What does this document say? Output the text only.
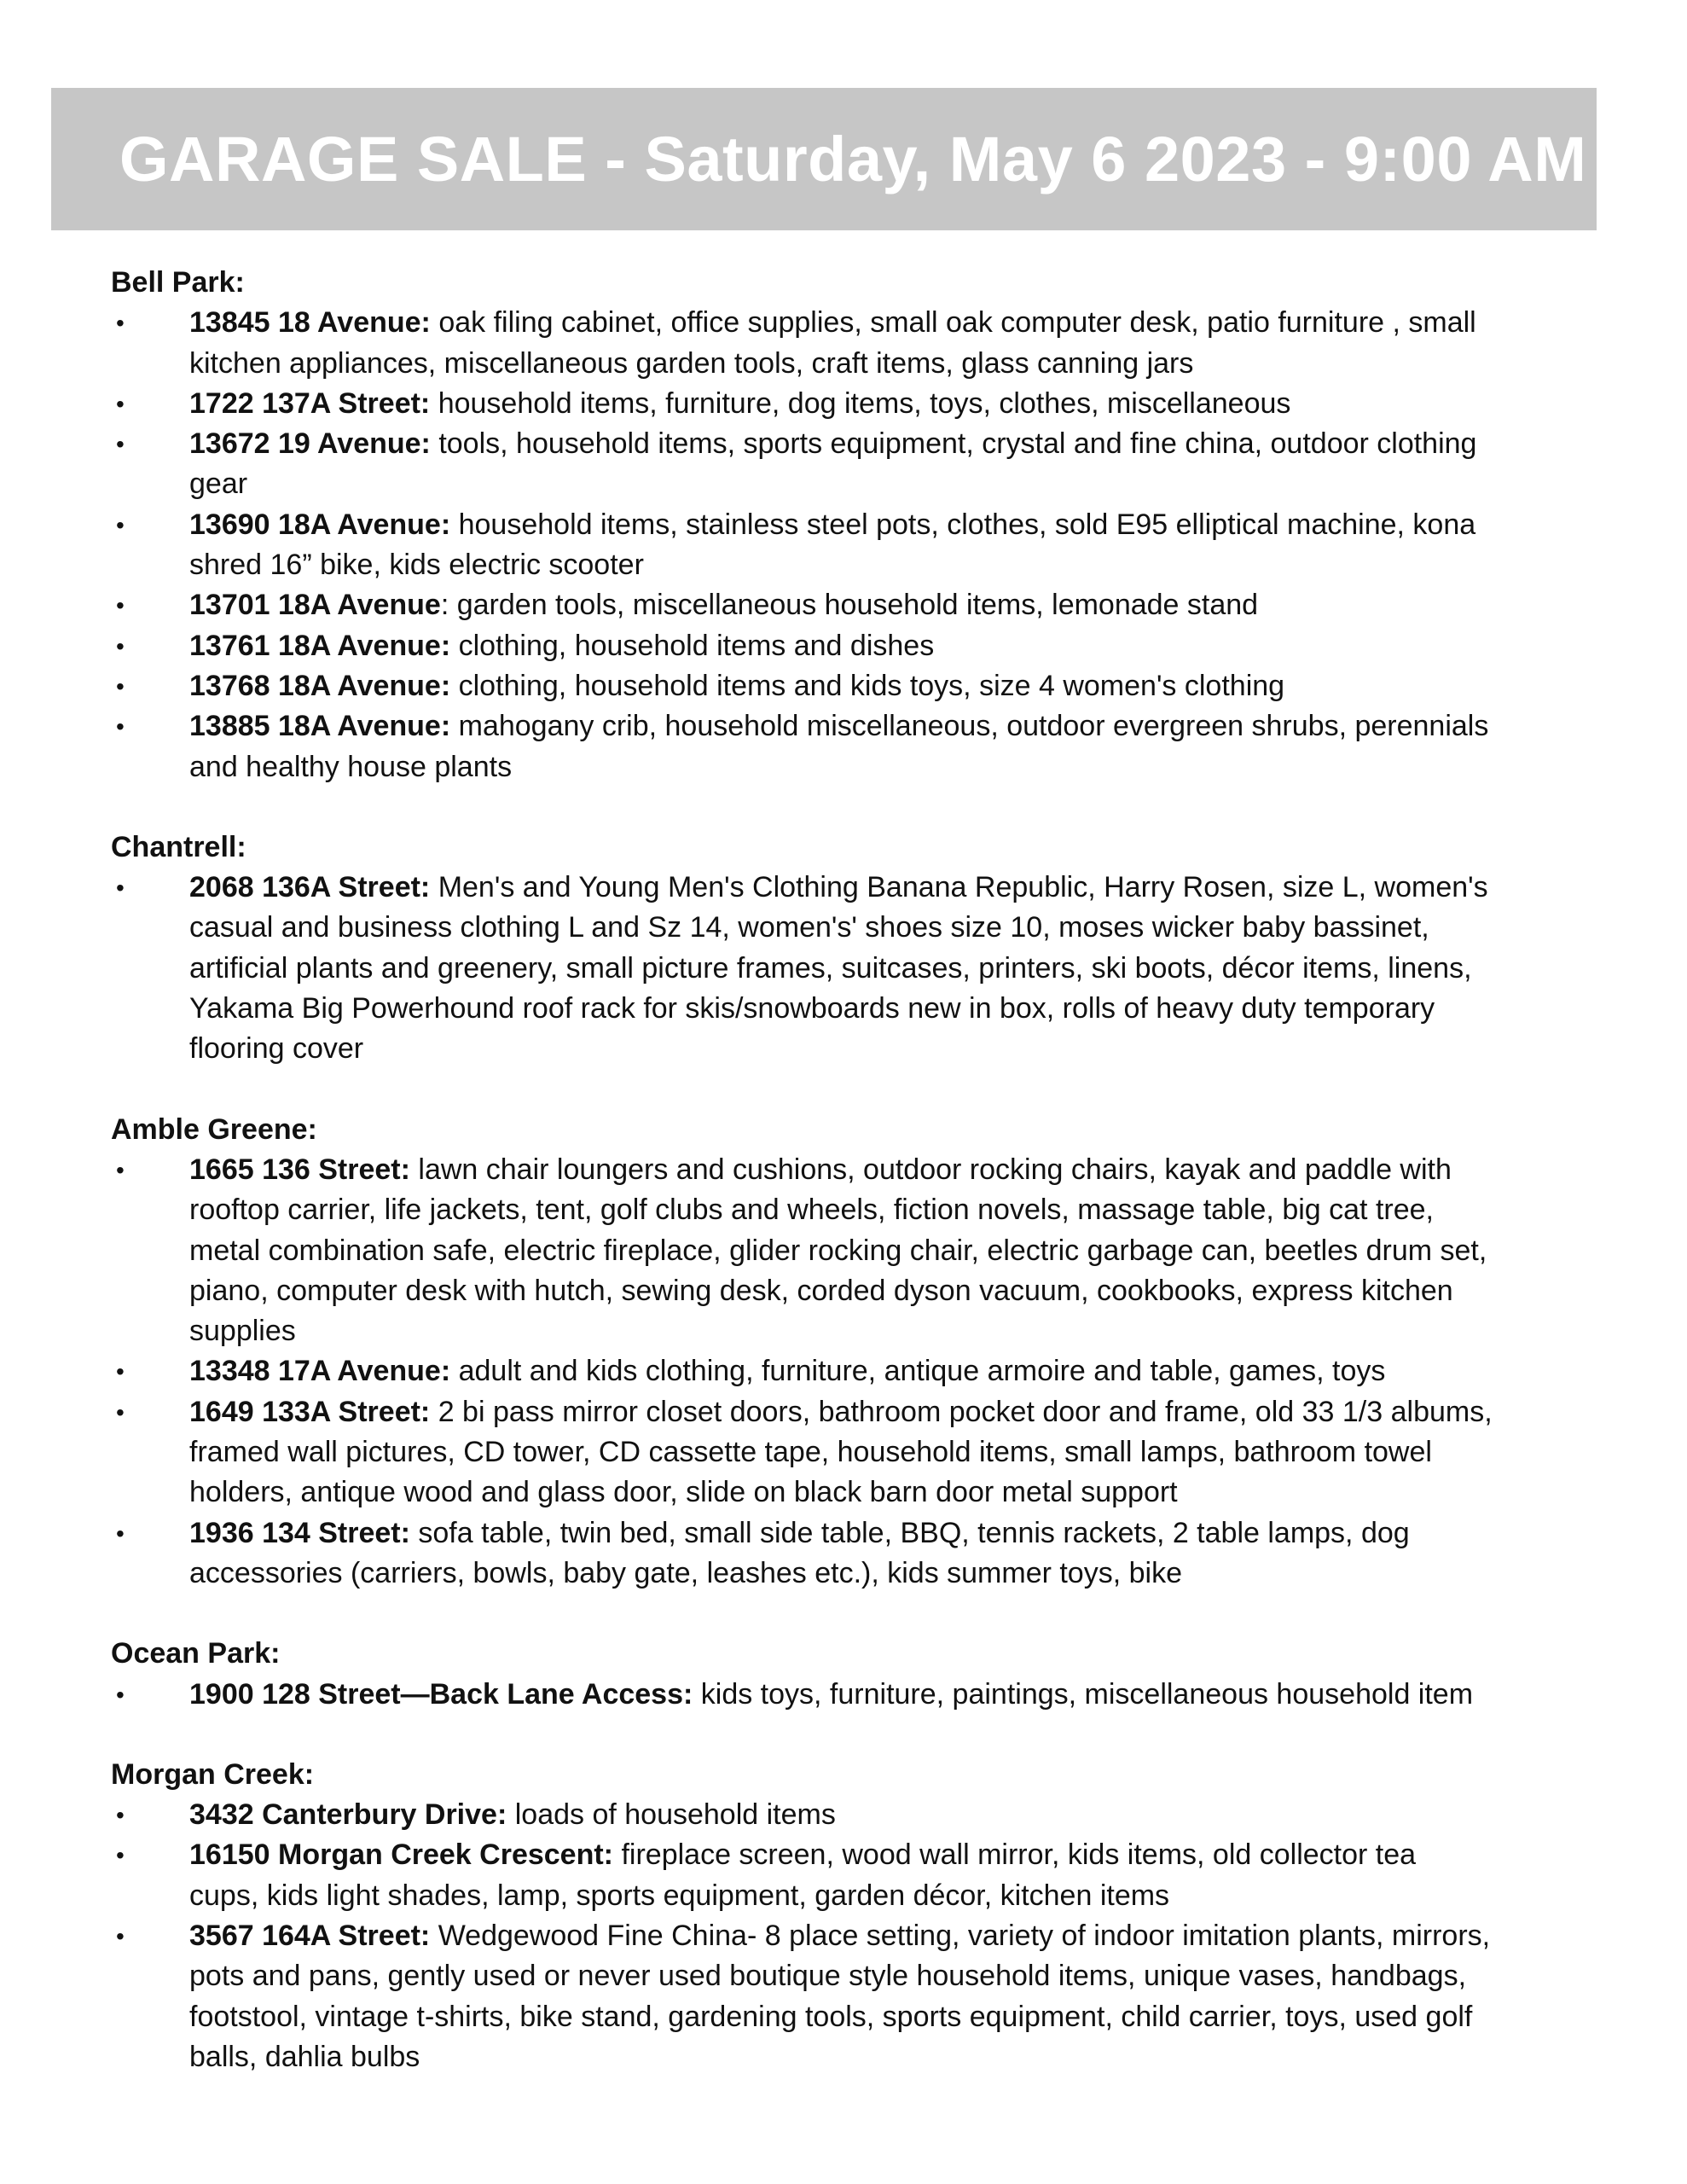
GARAGE SALE - Saturday, May 6 2023 - 9:00 AM

Bell Park:

• 13845 18 Avenue: oak filing cabinet, office supplies, small oak computer desk, patio furniture , small kitchen appliances, miscellaneous garden tools, craft items, glass canning jars
• 1722 137A Street: household items, furniture, dog items, toys, clothes, miscellaneous
• 13672 19 Avenue: tools, household items, sports equipment, crystal and fine china, outdoor clothing gear
• 13690 18A Avenue: household items, stainless steel pots, clothes, sold E95 elliptical machine, kona shred 16” bike, kids electric scooter
• 13701 18A Avenue: garden tools, miscellaneous household items, lemonade stand
• 13761 18A Avenue: clothing, household items and dishes
• 13768 18A Avenue: clothing, household items and kids toys, size 4 women's clothing
• 13885 18A Avenue: mahogany crib, household miscellaneous, outdoor evergreen shrubs, perennials and healthy house plants

Chantrell:

• 2068 136A Street: Men's and Young Men's Clothing Banana Republic, Harry Rosen, size L, women's casual and business clothing L and Sz 14, women's' shoes size 10, moses wicker baby bassinet, artificial plants and greenery, small picture frames, suitcases, printers, ski boots, décor items, linens, Yakama Big Powerhound roof rack for skis/snowboards new in box, rolls of heavy duty temporary flooring cover

Amble Greene:

• 1665 136 Street: lawn chair loungers and cushions, outdoor rocking chairs, kayak and paddle with rooftop carrier, life jackets, tent, golf clubs and wheels, fiction novels, massage table, big cat tree, metal combination safe, electric fireplace, glider rocking chair, electric garbage can, beetles drum set, piano, computer desk with hutch, sewing desk, corded dyson vacuum, cookbooks, express kitchen supplies
• 13348 17A Avenue: adult and kids clothing, furniture, antique armoire and table, games, toys
• 1649 133A Street: 2 bi pass mirror closet doors, bathroom pocket door and frame, old 33 1/3 albums, framed wall pictures, CD tower, CD cassette tape, household items, small lamps, bathroom towel holders, antique wood and glass door, slide on black barn door metal support
• 1936 134 Street: sofa table, twin bed, small side table, BBQ, tennis rackets, 2 table lamps, dog accessories (carriers, bowls, baby gate, leashes etc.), kids summer toys, bike

Ocean Park:

• 1900 128 Street—Back Lane Access: kids toys, furniture, paintings, miscellaneous household item

Morgan Creek:

• 3432 Canterbury Drive: loads of household items
• 16150 Morgan Creek Crescent: fireplace screen, wood wall mirror, kids items, old collector tea cups, kids light shades, lamp, sports equipment, garden décor, kitchen items
• 3567 164A Street: Wedgewood Fine China- 8 place setting, variety of indoor imitation plants, mirrors, pots and pans, gently used or never used boutique style household items, unique vases, handbags, footstool, vintage t-shirts, bike stand, gardening tools, sports equipment, child carrier, toys, used golf balls, dahlia bulbs
